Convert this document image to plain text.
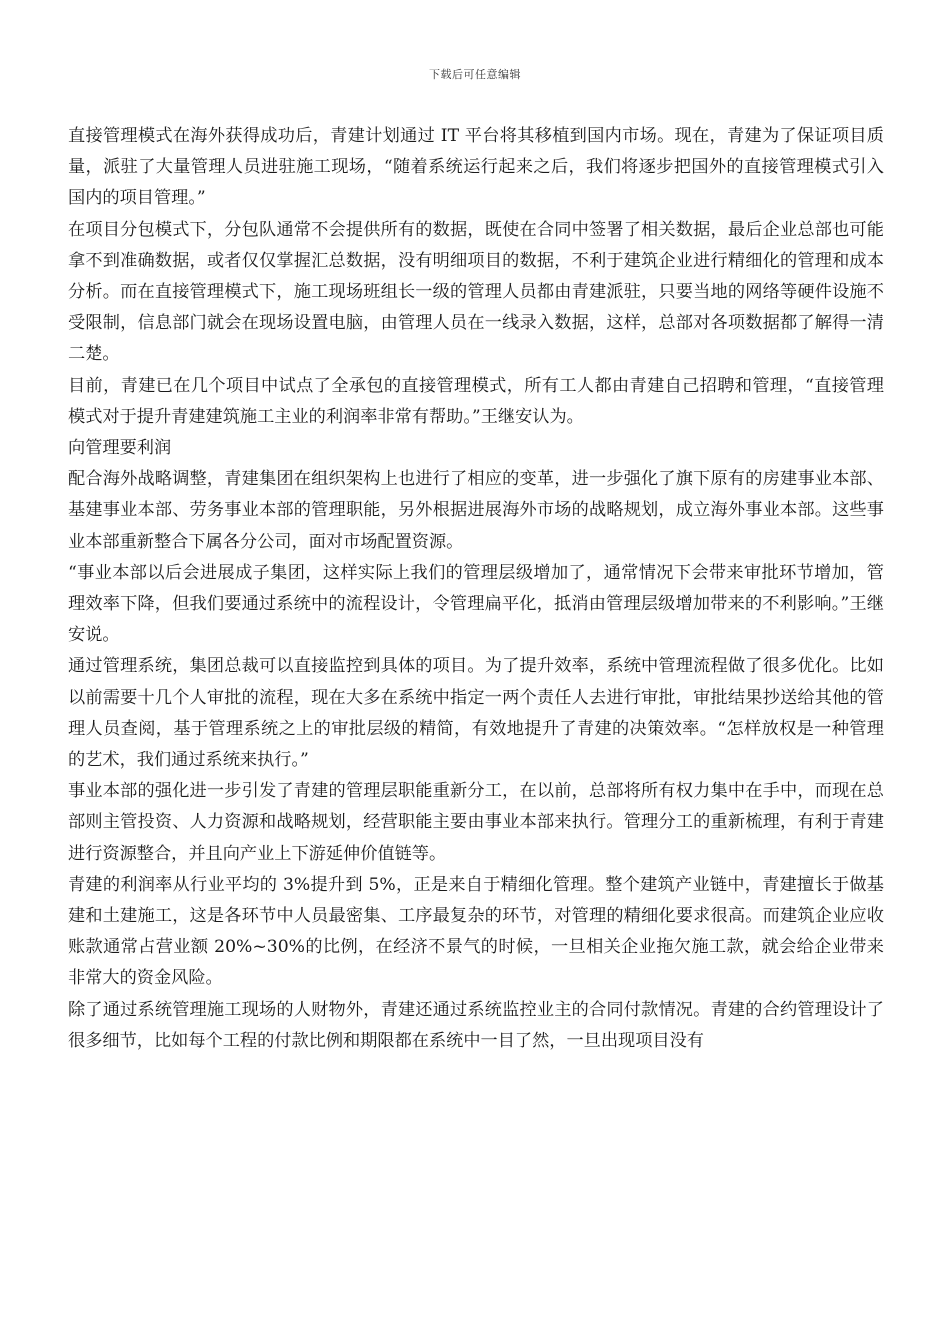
下载后可任意编辑

直接管理模式在海外获得成功后，青建计划通过 IT 平台将其移植到国内市场。现在，青建为了保证项目质量，派驻了大量管理人员进驻施工现场，“随着系统运行起来之后，我们将逐步把国外的直接管理模式引入国内的项目管理。”

在项目分包模式下，分包队通常不会提供所有的数据，既使在合同中签署了相关数据，最后企业总部也可能拿不到准确数据，或者仅仅掌握汇总数据，没有明细项目的数据，不利于建筑企业进行精细化的管理和成本分析。而在直接管理模式下，施工现场班组长一级的管理人员都由青建派驻，只要当地的网络等硬件设施不受限制，信息部门就会在现场设置电脑，由管理人员在一线录入数据，这样，总部对各项数据都了解得一清二楚。

目前，青建已在几个项目中试点了全承包的直接管理模式，所有工人都由青建自己招聘和管理，“直接管理模式对于提升青建建筑施工主业的利润率非常有帮助。”王继安认为。

向管理要利润

配合海外战略调整，青建集团在组织架构上也进行了相应的变革，进一步强化了旗下原有的房建事业本部、基建事业本部、劳务事业本部的管理职能，另外根据进展海外市场的战略规划，成立海外事业本部。这些事业本部重新整合下属各分公司，面对市场配置资源。

“事业本部以后会进展成子集团，这样实际上我们的管理层级增加了，通常情况下会带来审批环节增加，管理效率下降，但我们要通过系统中的流程设计，令管理扁平化，抵消由管理层级增加带来的不利影响。”王继安说。

通过管理系统，集团总裁可以直接监控到具体的项目。为了提升效率，系统中管理流程做了很多优化。比如以前需要十几个人审批的流程，现在大多在系统中指定一两个责任人去进行审批，审批结果抄送给其他的管理人员查阅，基于管理系统之上的审批层级的精简，有效地提升了青建的决策效率。“怎样放权是一种管理的艺术，我们通过系统来执行。”

事业本部的强化进一步引发了青建的管理层职能重新分工，在以前，总部将所有权力集中在手中，而现在总部则主管投资、人力资源和战略规划，经营职能主要由事业本部来执行。管理分工的重新梳理，有利于青建进行资源整合，并且向产业上下游延伸价值链等。

青建的利润率从行业平均的 3%提升到 5%，正是来自于精细化管理。整个建筑产业链中，青建擅长于做基建和土建施工，这是各环节中人员最密集、工序最复杂的环节，对管理的精细化要求很高。而建筑企业应收账款通常占营业额 20%~30%的比例，在经济不景气的时候，一旦相关企业拖欠施工款，就会给企业带来非常大的资金风险。

除了通过系统管理施工现场的人财物外，青建还通过系统监控业主的合同付款情况。青建的合约管理设计了很多细节，比如每个工程的付款比例和期限都在系统中一目了然，一旦出现项目没有
